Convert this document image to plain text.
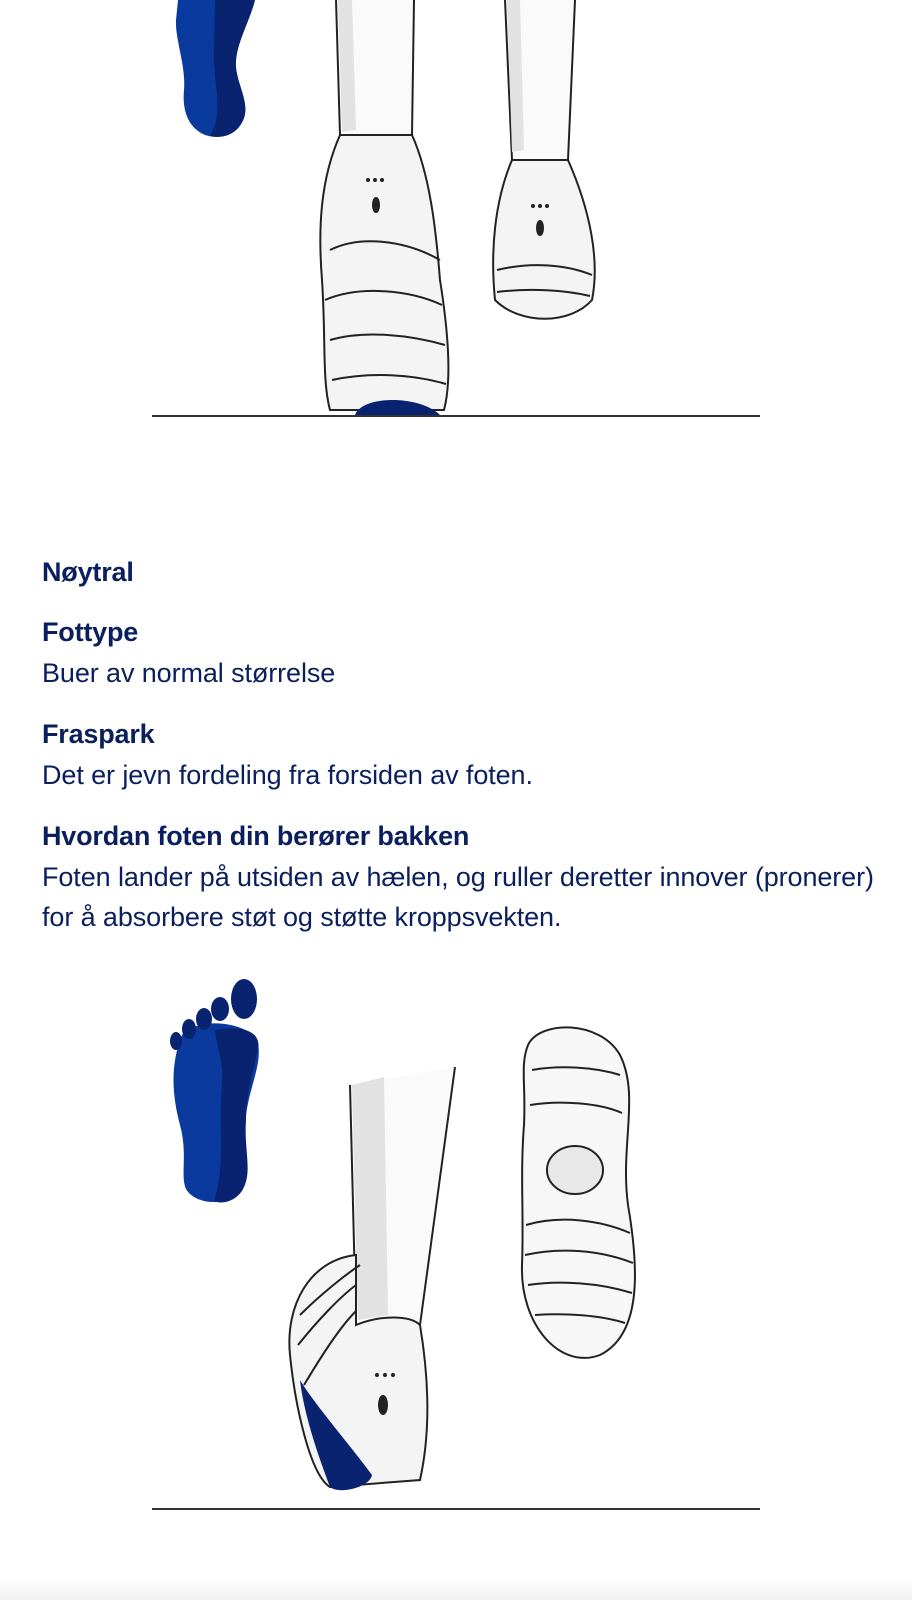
Nøytral
Fottype

Buer av normal størrelse

Fraspark

Det er jevn fordeling fra forsiden av foten.

Hvordan foten din berører bakken

Foten lander på utsiden av hælen, og ruller deretter innover (pronerer) for å absorbere støt og støtte kroppsvekten.
